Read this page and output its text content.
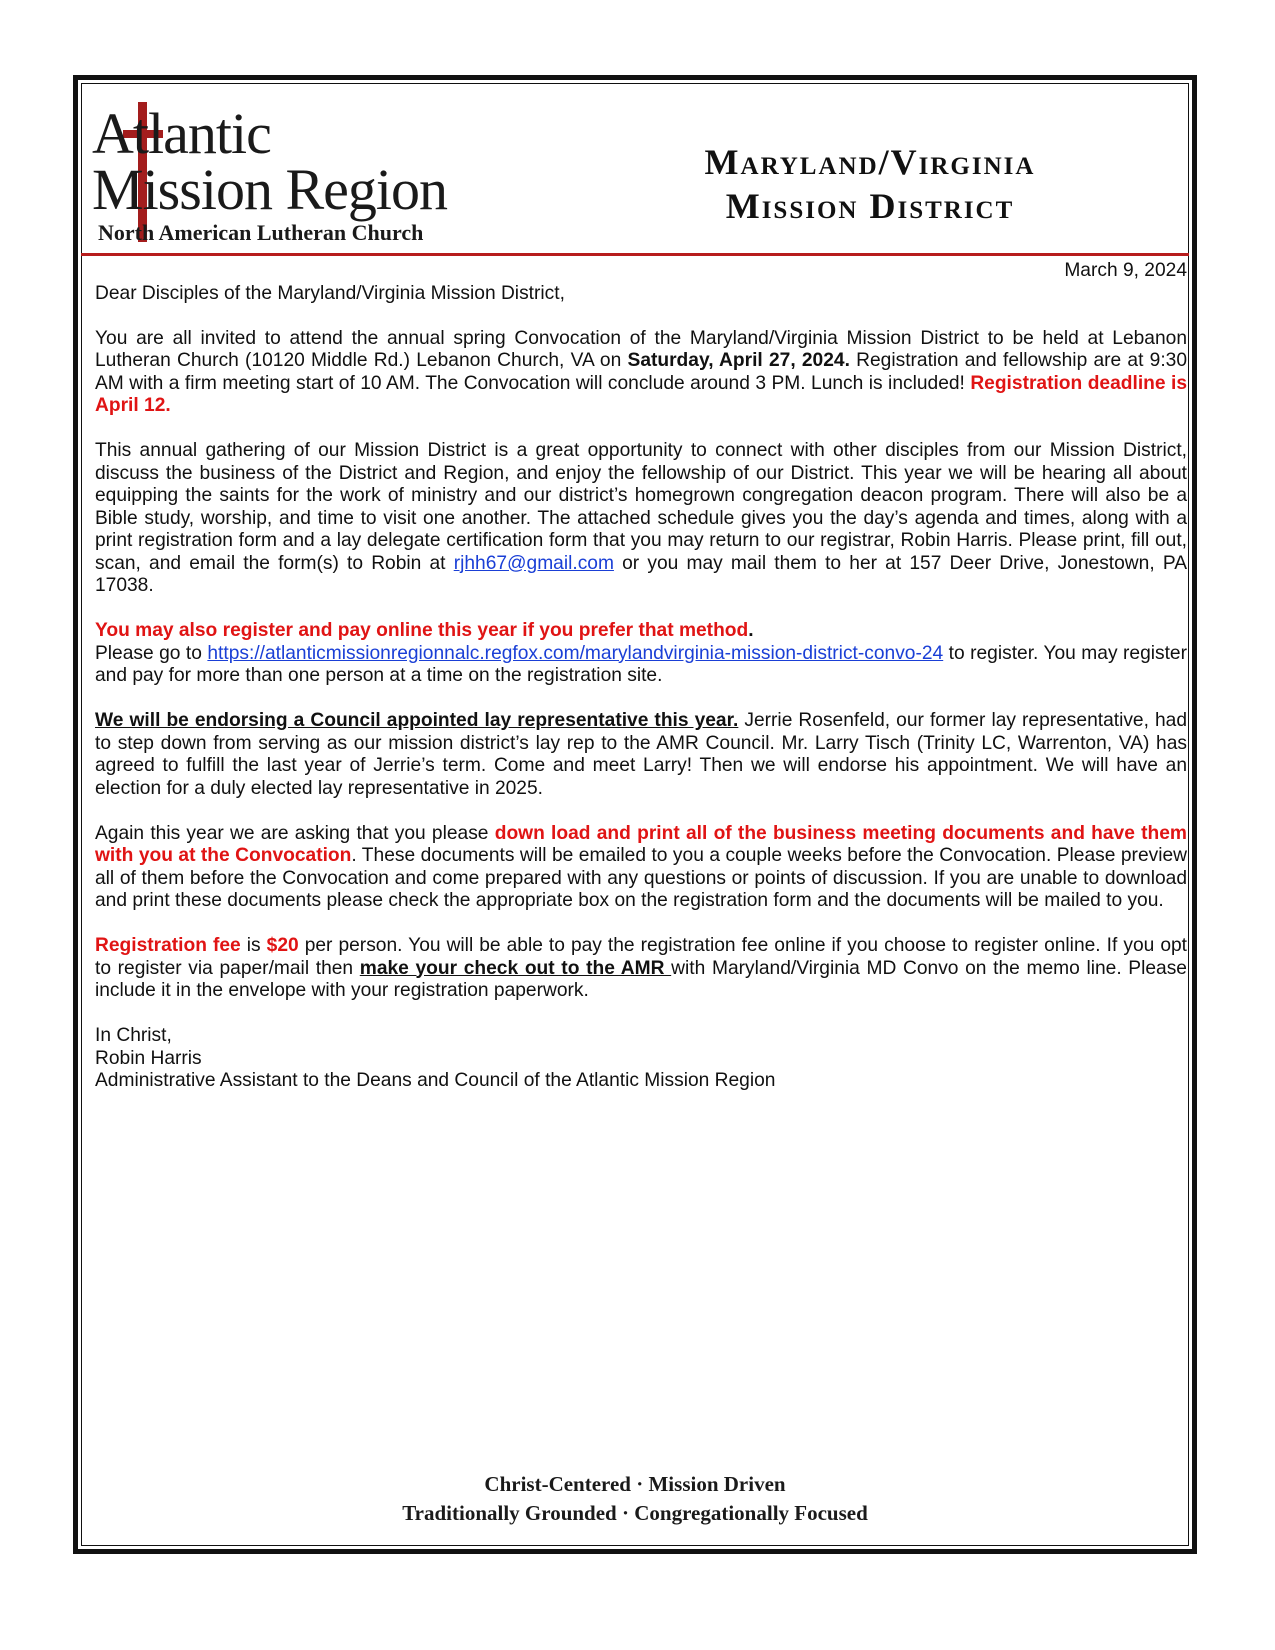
Atlantic
Mission Region
North American Lutheran Church
Maryland/Virginia
Mission District
March 9, 2024

Dear Disciples of the Maryland/Virginia Mission District,

You are all invited to attend the annual spring Convocation of the Maryland/Virginia Mission District to be held at Lebanon Lutheran Church (10120 Middle Rd.) Lebanon Church, VA on Saturday, April 27, 2024. Registration and fellowship are at 9:30 AM with a firm meeting start of 10 AM. The Convocation will conclude around 3 PM. Lunch is included! Registration deadline is April 12.

This annual gathering of our Mission District is a great opportunity to connect with other disciples from our Mission District, discuss the business of the District and Region, and enjoy the fellowship of our District. This year we will be hearing all about equipping the saints for the work of ministry and our district’s homegrown congregation deacon program. There will also be a Bible study, worship, and time to visit one another. The attached schedule gives you the day’s agenda and times, along with a print registration form and a lay delegate certification form that you may return to our registrar, Robin Harris. Please print, fill out, scan, and email the form(s) to Robin at rjhh67@gmail.com or you may mail them to her at 157 Deer Drive, Jonestown, PA 17038.

You may also register and pay online this year if you prefer that method.
Please go to https://atlanticmissionregionnalc.regfox.com/marylandvirginia-mission-district-convo-24 to register. You may register and pay for more than one person at a time on the registration site.

We will be endorsing a Council appointed lay representative this year. Jerrie Rosenfeld, our former lay representative, had to step down from serving as our mission district’s lay rep to the AMR Council. Mr. Larry Tisch (Trinity LC, Warrenton, VA) has agreed to fulfill the last year of Jerrie’s term. Come and meet Larry! Then we will endorse his appointment. We will have an election for a duly elected lay representative in 2025.

Again this year we are asking that you please down load and print all of the business meeting documents and have them with you at the Convocation. These documents will be emailed to you a couple weeks before the Convocation. Please preview all of them before the Convocation and come prepared with any questions or points of discussion. If you are unable to download and print these documents please check the appropriate box on the registration form and the documents will be mailed to you.

Registration fee is $20 per person. You will be able to pay the registration fee online if you choose to register online. If you opt to register via paper/mail then make your check out to the AMR with Maryland/Virginia MD Convo on the memo line. Please include it in the envelope with your registration paperwork.

In Christ,
Robin Harris
Administrative Assistant to the Deans and Council of the Atlantic Mission Region
Christ-Centered · Mission Driven
Traditionally Grounded · Congregationally Focused
